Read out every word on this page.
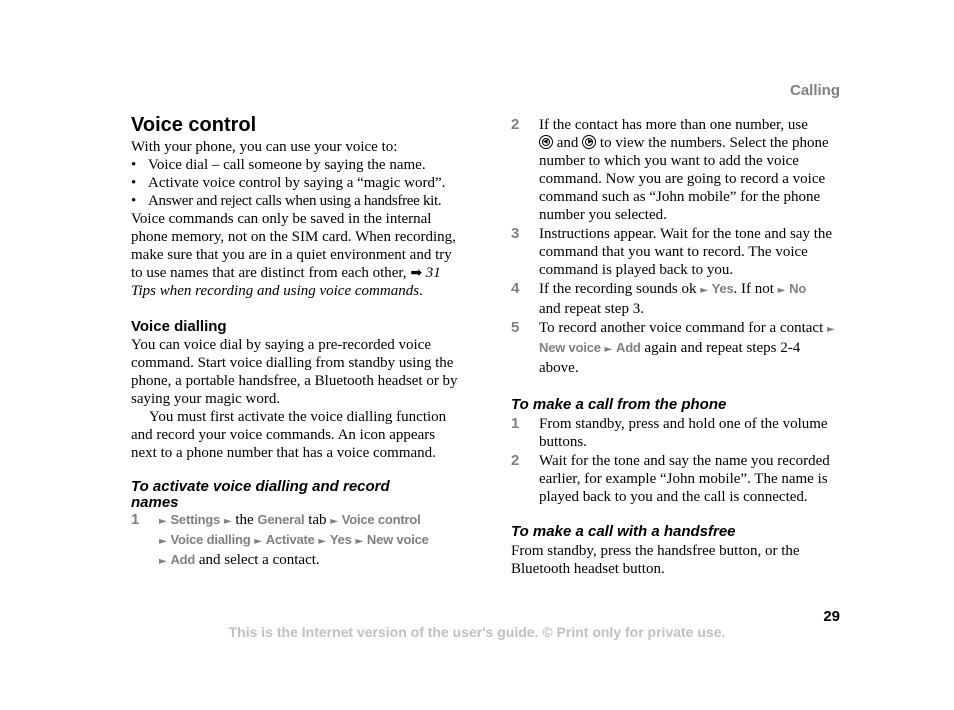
Calling
Voice control

With your phone, you can use your voice to:

• Voice dial – call someone by saying the name.
• Activate voice control by saying a “magic word”.
• Answer and reject calls when using a handsfree kit.

Voice commands can only be saved in the internal phone memory, not on the SIM card. When recording, make sure that you are in a quiet environment and try to use names that are distinct from each other, ➡ 31 Tips when recording and using voice commands.

Voice dialling

You can voice dial by saying a pre-recorded voice command. Start voice dialling from standby using the phone, a portable handsfree, a Bluetooth headset or by saying your magic word.

You must first activate the voice dialling function and record your voice commands. An icon appears next to a phone number that has a voice command.

To activate voice dialling and record names
1	► Settings ► the General tab ► Voice control
► Voice dialling ► Activate ► Yes ► New voice
► Add and select a contact.
2	If the contact has more than one number, use

◀ and ▶ to view the numbers. Select the phone number to which you want to add the voice command. Now you are going to record a voice command such as “John mobile” for the phone number you selected.
3	Instructions appear. Wait for the tone and say the command that you want to record. The voice command is played back to you.
4	If the recording sounds ok ► Yes. If not ► No
and repeat step 3.
5	To record another voice command for a contact ► New voice ► Add again and repeat steps 2-4 above.
To make a call from the phone
1	From standby, press and hold one of the volume buttons.
2	Wait for the tone and say the name you recorded earlier, for example “John mobile”. The name is played back to you and the call is connected.
To make a call with a handsfree

From standby, press the handsfree button, or the Bluetooth headset button.

29
This is the Internet version of the user's guide. © Print only for private use.
